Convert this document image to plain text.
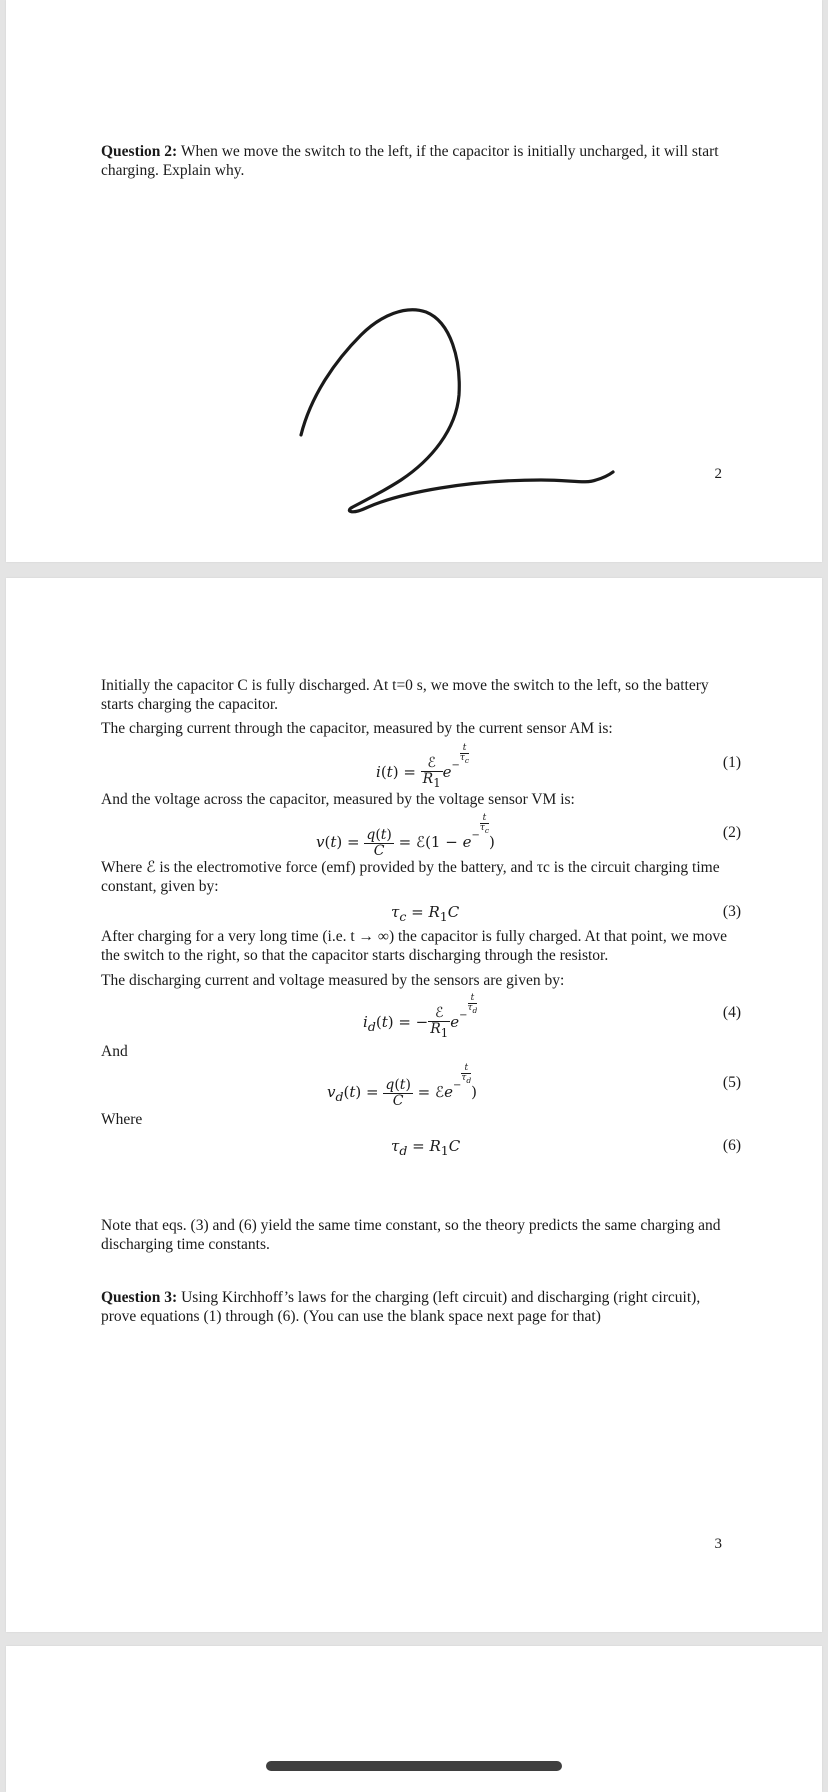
Question 2: When we move the switch to the left, if the capacitor is initially uncharged, it will start charging. Explain why.

2

Initially the capacitor C is fully discharged. At t=0 s, we move the switch to the left, so the battery starts charging the capacitor.

The charging current through the capacitor, measured by the current sensor AM is:

$i(t) = \frac{\text{ℰ}}{R_1} e^{- \frac{t}{\tau_c}}$	(1)

And the voltage across the capacitor, measured by the voltage sensor VM is:

$v(t) = \frac{q(t)}{C}$ = ℰ(1 − $e^{- \frac{t}{\tau_c}}$
)
(2)

Where ℰ is the electromotive force (emf) provided by the battery, and τc is the circuit charging time constant, given by:

$\tau_c = R_1C$	(3)

After charging for a very long time (i.e. t → ∞) the capacitor is fully charged. At that point, we move the switch to the right, so that the capacitor starts discharging through the resistor.

The discharging current and voltage measured by the sensors are given by:

$i_d(t)$ = − $\frac{\text{ℰ}}{R_1} e^{- \frac{t}{\tau_d}}$	(4)

And

$v_d(t) = \frac{q(t)}{C}$ = ℰe$^{- \frac{t}{\tau_d}}$
)
(5)

Where

$\tau_d = R_1C$	(6)

Note that eqs. (3) and (6) yield the same time constant, so the theory predicts the same charging and discharging time constants.

Question 3: Using Kirchhoff’s laws for the charging (left circuit) and discharging (right circuit), prove equations (1) through (6). (You can use the blank space next page for that)

3
